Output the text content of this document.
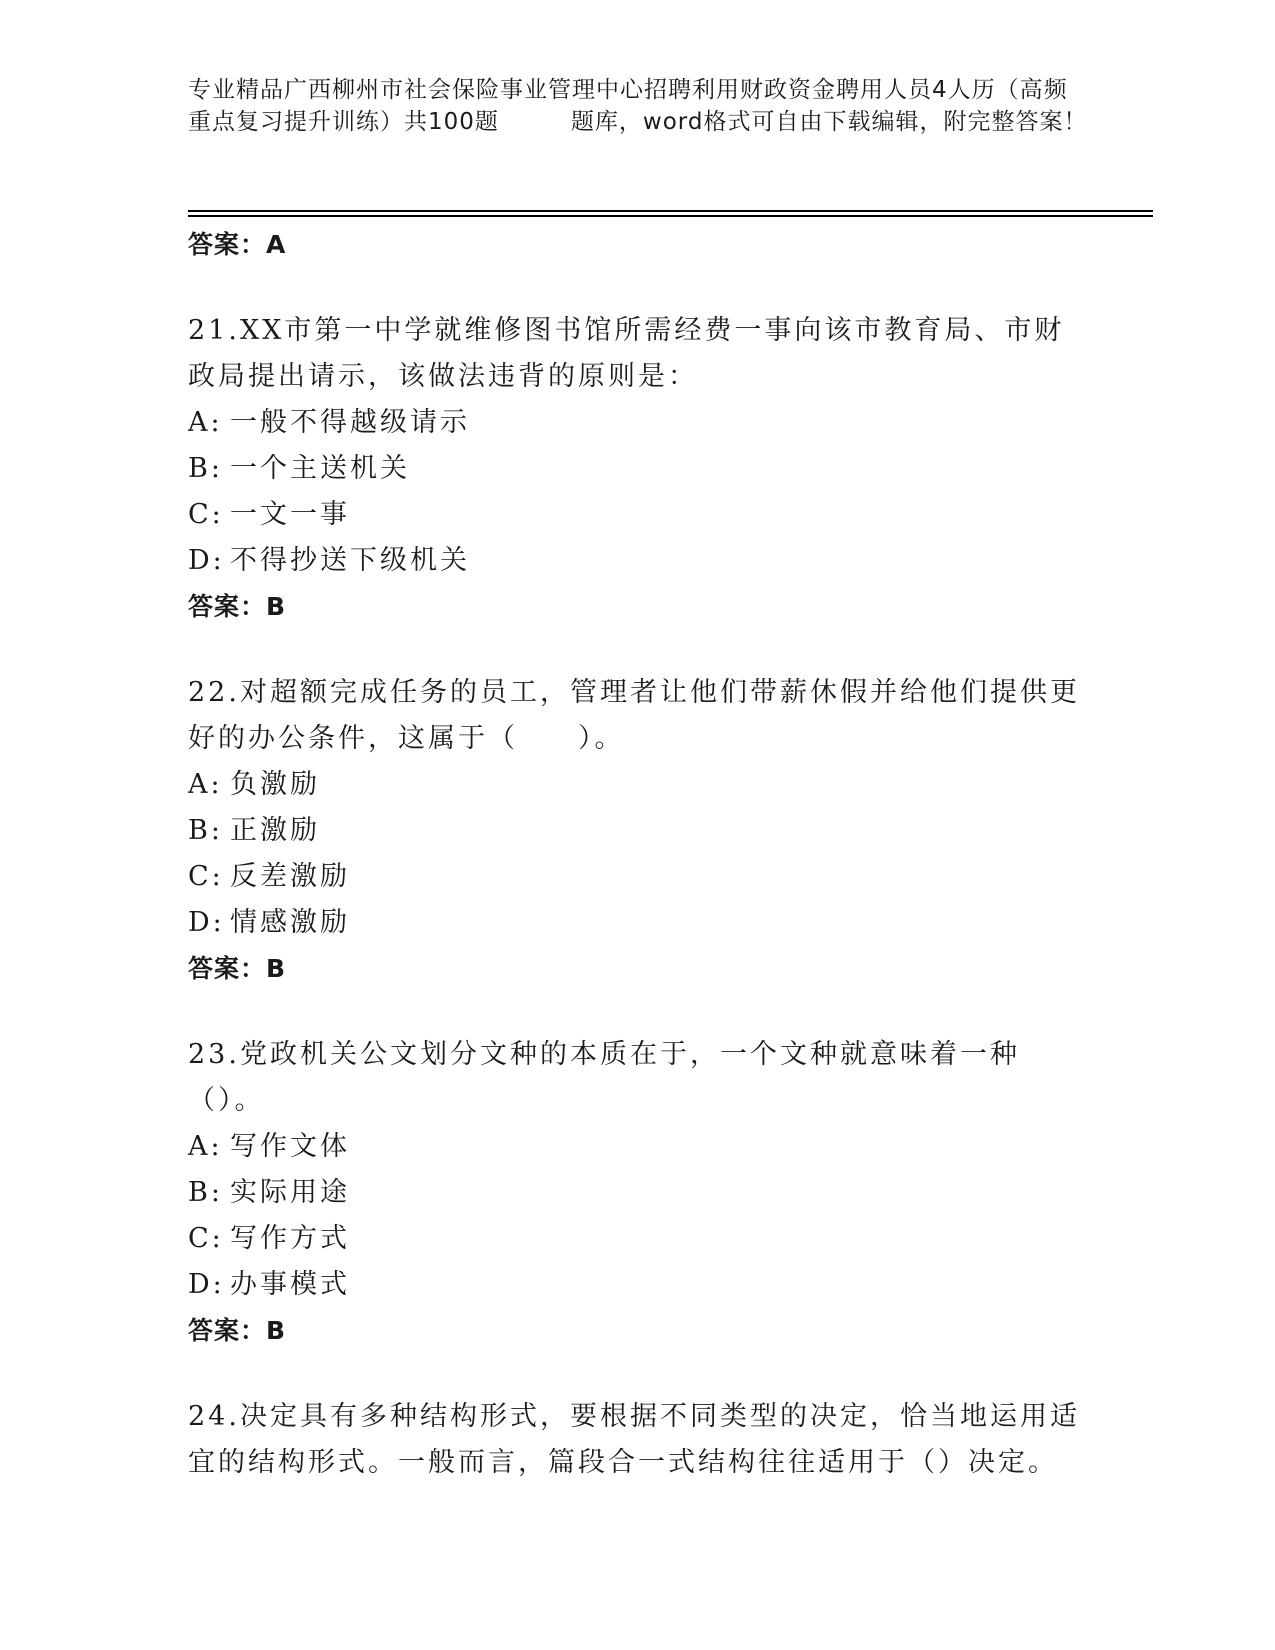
专业精品广西柳州市社会保险事业管理中心招聘利用财政资金聘用人员4人历（高频重点复习提升训练）共100题	题库，word格式可自由下载编辑，附完整答案！
答案：A
21.XX市第一中学就维修图书馆所需经费一事向该市教育局、市财政局提出请示，该做法违背的原则是：
A: 一般不得越级请示
B: 一个主送机关
C: 一文一事
D: 不得抄送下级机关
答案：B
22.对超额完成任务的员工，管理者让他们带薪休假并给他们提供更好的办公条件，这属于（　　）。
A: 负激励
B: 正激励
C: 反差激励
D: 情感激励
答案：B
23.党政机关公文划分文种的本质在于，一个文种就意味着一种（）。
A: 写作文体
B: 实际用途
C: 写作方式
D: 办事模式
答案：B
24.决定具有多种结构形式，要根据不同类型的决定，恰当地运用适宜的结构形式。一般而言，篇段合一式结构往往适用于（）决定。
